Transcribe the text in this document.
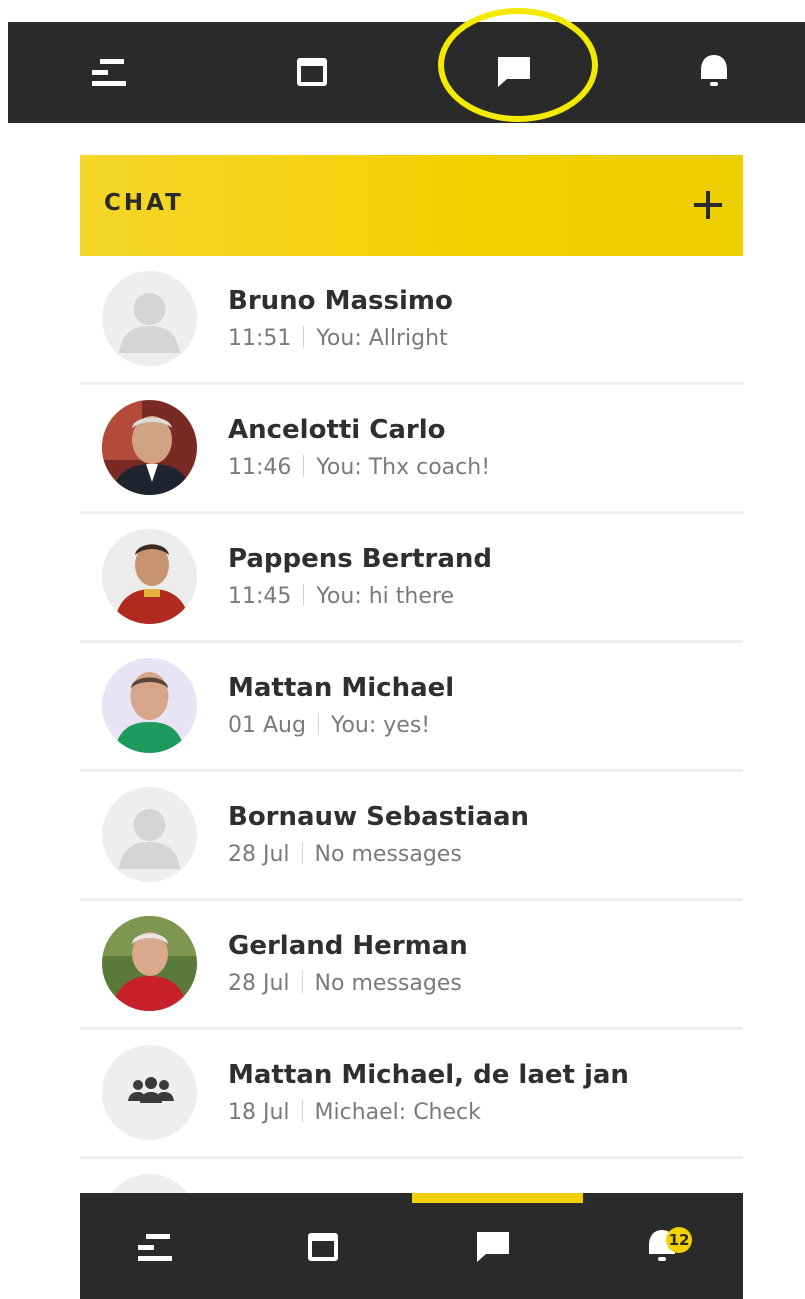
CHAT
Bruno Massimo
11:51 You: Allright
Ancelotti Carlo
11:46 You: Thx coach!
Pappens Bertrand
11:45 You: hi there
Mattan Michael
01 Aug You: yes!
Bornauw Sebastiaan
28 Jul No messages
Gerland Herman
28 Jul No messages
Mattan Michael, de laet jan
18 Jul Michael: Check
12
